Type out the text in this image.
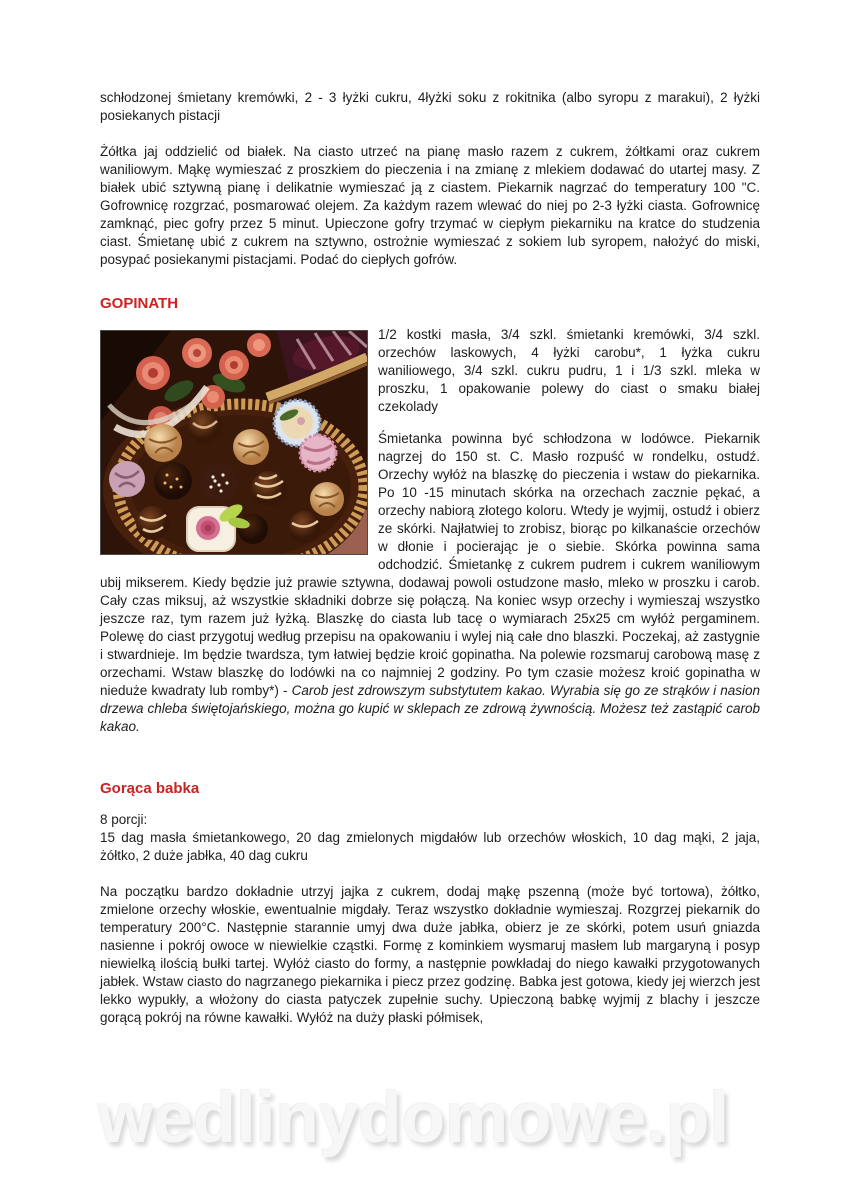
schłodzonej śmietany kremówki, 2 - 3 łyżki cukru, 4łyżki soku z rokitnika (albo syropu z marakui), 2 łyżki posiekanych pistacji

Żółtka jaj oddzielić od białek. Na ciasto utrzeć na pianę masło razem z cukrem, żółtkami oraz cukrem waniliowym. Mąkę wymieszać z proszkiem do pieczenia i na zmianę z mlekiem dodawać do utartej masy. Z białek ubić sztywną pianę i delikatnie wymieszać ją z ciastem. Piekarnik nagrzać do temperatury 100 "C. Gofrownicę rozgrzać, posmarować olejem. Za każdym razem wlewać do niej po 2-3 łyżki ciasta. Gofrownicę zamknąć, piec gofry przez 5 minut. Upieczone gofry trzymać w ciepłym piekarniku na kratce do studzenia ciast. Śmietanę ubić z cukrem na sztywno, ostrożnie wymieszać z sokiem lub syropem, nałożyć do miski, posypać posiekanymi pistacjami. Podać do ciepłych gofrów.

GOPINATH

1/2 kostki masła, 3/4 szkl. śmietanki kremówki, 3/4 szkl. orzechów laskowych, 4 łyżki carobu*, 1 łyżka cukru waniliowego, 3/4 szkl. cukru pudru, 1 i 1/3 szkl. mleka w proszku, 1 opakowanie polewy do ciast o smaku białej czekolady

Śmietanka powinna być schłodzona w lodówce. Piekarnik nagrzej do 150 st. C. Masło rozpuść w rondelku, ostudź. Orzechy wyłóż na blaszkę do pieczenia i wstaw do piekarnika. Po 10 -15 minutach skórka na orzechach zacznie pękać, a orzechy nabiorą złotego koloru. Wtedy je wyjmij, ostudź i obierz ze skórki. Najłatwiej to zrobisz, biorąc po kilkanaście orzechów w dłonie i pocierając je o siebie. Skórka powinna sama odchodzić. Śmietankę z cukrem pudrem i cukrem waniliowym ubij mikserem. Kiedy będzie już prawie sztywna, dodawaj powoli ostudzone masło, mleko w proszku i carob. Cały czas miksuj, aż wszystkie składniki dobrze się połączą. Na koniec wsyp orzechy i wymieszaj wszystko jeszcze raz, tym razem już łyżką. Blaszkę do ciasta lub tacę o wymiarach 25x25 cm wyłóż pergaminem. Polewę do ciast przygotuj według przepisu na opakowaniu i wylej nią całe dno blaszki. Poczekaj, aż zastygnie i stwardnieje. Im będzie twardsza, tym łatwiej będzie kroić gopinatha. Na polewie rozsmaruj carobową masę z orzechami. Wstaw blaszkę do lodówki na co najmniej 2 godziny. Po tym czasie możesz kroić gopinatha w nieduże kwadraty lub romby*) - Carob jest zdrowszym substytutem kakao. Wyrabia się go ze strąków i nasion drzewa chleba świętojańskiego, można go kupić w sklepach ze zdrową żywnością. Możesz też zastąpić carob kakao.

Gorąca babka

8 porcji:
15 dag masła śmietankowego, 20 dag zmielonych migdałów lub orzechów włoskich, 10 dag mąki, 2 jaja, żółtko, 2 duże jabłka, 40 dag cukru

Na początku bardzo dokładnie utrzyj jajka z cukrem, dodaj mąkę pszenną (może być tortowa), żółtko, zmielone orzechy włoskie, ewentualnie migdały. Teraz wszystko dokładnie wymieszaj. Rozgrzej piekarnik do temperatury 200°C. Następnie starannie umyj dwa duże jabłka, obierz je ze skórki, potem usuń gniazda nasienne i pokrój owoce w niewielkie cząstki. Formę z kominkiem wysmaruj masłem lub margaryną i posyp niewielką ilością bułki tartej. Wyłóż ciasto do formy, a następnie powkładaj do niego kawałki przygotowanych jabłek. Wstaw ciasto do nagrzanego piekarnika i piecz przez godzinę. Babka jest gotowa, kiedy jej wierzch jest lekko wypukły, a włożony do ciasta patyczek zupełnie suchy. Upieczoną babkę wyjmij z blachy i jeszcze gorącą pokrój na równe kawałki. Wyłóż na duży płaski półmisek,

wedlinydomowe.pl
